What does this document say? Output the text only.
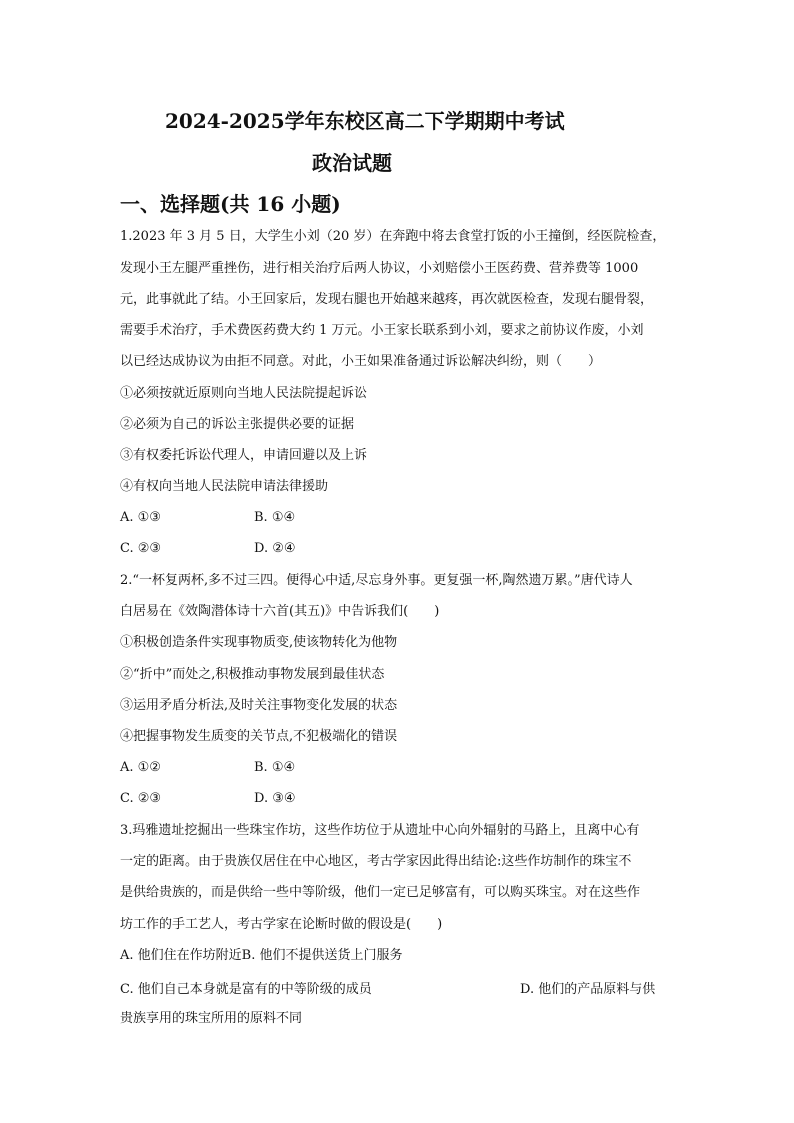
2024-2025学年东校区高二下学期期中考试
政治试题
一、选择题(共 16 小题)
1.2023 年 3 月 5 日，大学生小刘（20 岁）在奔跑中将去食堂打饭的小王撞倒，经医院检查，
发现小王左腿严重挫伤，进行相关治疗后两人协议，小刘赔偿小王医药费、营养费等 1000
元，此事就此了结。小王回家后，发现右腿也开始越来越疼，再次就医检查，发现右腿骨裂，
需要手术治疗，手术费医药费大约 1 万元。小王家长联系到小刘，要求之前协议作废，小刘
以已经达成协议为由拒不同意。对此，小王如果准备通过诉讼解决纠纷，则（　　）
①必须按就近原则向当地人民法院提起诉讼
②必须为自己的诉讼主张提供必要的证据
③有权委托诉讼代理人，申请回避以及上诉
④有权向当地人民法院申请法律援助
A. ①③	B. ①④
C. ②③	D. ②④
2.“一杯复两杯,多不过三四。便得心中适,尽忘身外事。更复强一杯,陶然遗万累。”唐代诗人
白居易在《效陶潜体诗十六首(其五)》中告诉我们(　　)
①积极创造条件实现事物质变,使该物转化为他物
②“折中”而处之,积极推动事物发展到最佳状态
③运用矛盾分析法,及时关注事物变化发展的状态
④把握事物发生质变的关节点,不犯极端化的错误
A. ①②	B. ①④
C. ②③	D. ③④
3.玛雅遗址挖掘出一些珠宝作坊，这些作坊位于从遗址中心向外辐射的马路上，且离中心有
一定的距离。由于贵族仅居住在中心地区，考古学家因此得出结论:这些作坊制作的珠宝不
是供给贵族的，而是供给一些中等阶级，他们一定已足够富有，可以购买珠宝。对在这些作
坊工作的手工艺人，考古学家在论断时做的假设是(　　)
A. 他们住在作坊附近B. 他们不提供送货上门服务
C. 他们自己本身就是富有的中等阶级的成员	D. 他们的产品原料与供
贵族享用的珠宝所用的原料不同
